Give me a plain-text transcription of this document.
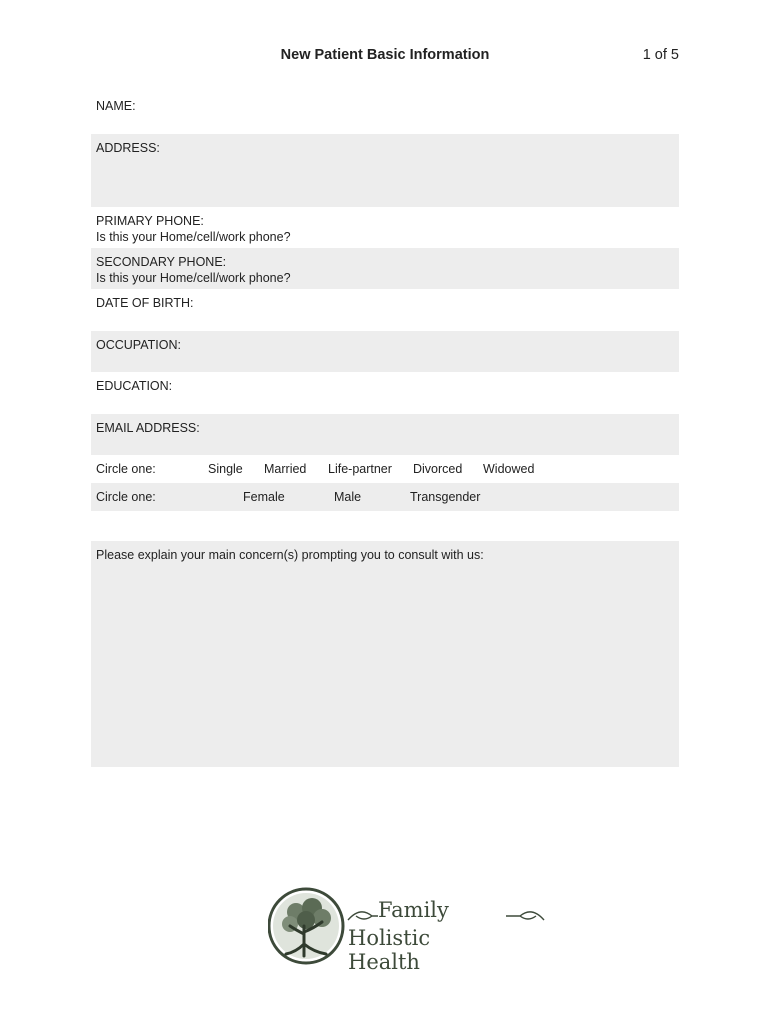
New Patient Basic Information	1 of 5
NAME:
ADDRESS:
PRIMARY PHONE:
Is this your Home/cell/work phone?
SECONDARY PHONE:
Is this your Home/cell/work phone?
DATE OF BIRTH:
OCCUPATION:
EDUCATION:
EMAIL ADDRESS:
Circle one:	Single Married Life-partner Divorced Widowed
Circle one:	Female	Male	Transgender
Please explain your main concern(s) prompting you to consult with us:
Family
Holistic Health
